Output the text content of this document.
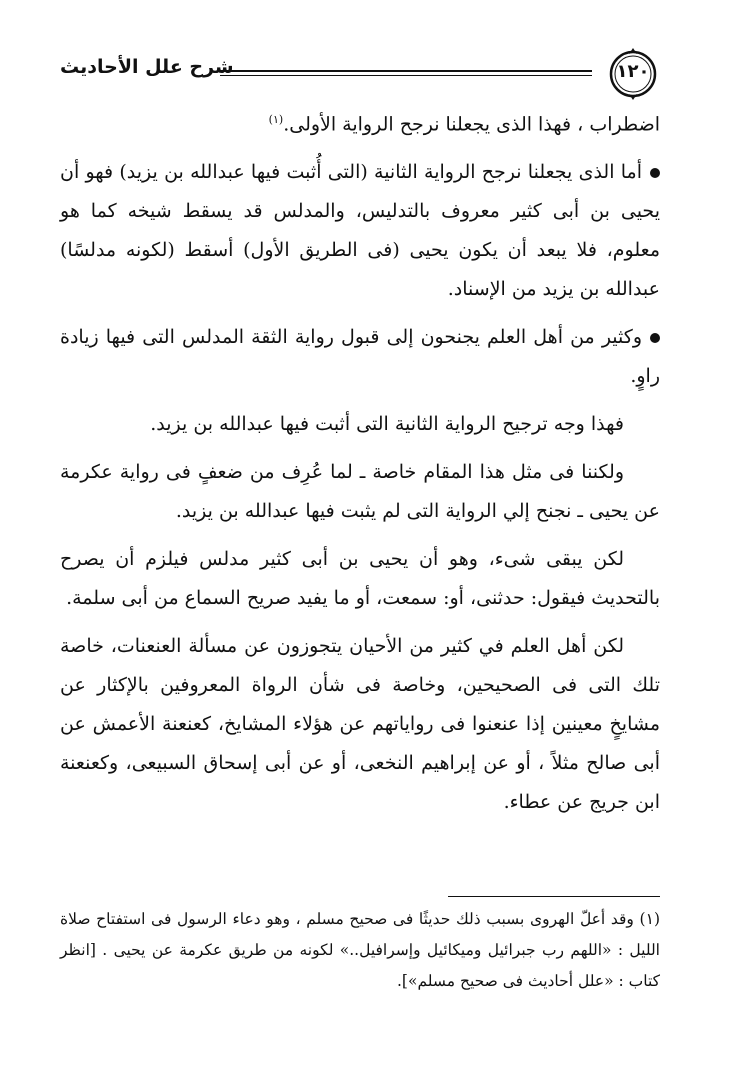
شرح علل الأحاديث	١٢٠

اضطراب ، فهذا الذى يجعلنا نرجح الرواية الأولى.$^{(١)}$

أما الذى يجعلنا نرجح الرواية الثانية (التى أُثبت فيها عبدالله بن يزيد) فهو أن يحيى بن أبى كثير معروف بالتدليس، والمدلس قد يسقط شيخه كما هو معلوم، فلا يبعد أن يكون يحيى (فى الطريق الأول) أسقط (لكونه مدلسًا) عبدالله بن يزيد من الإسناد.

وكثير من أهل العلم يجنحون إلى قبول رواية الثقة المدلس التى فيها زيادة راوٍ.

فهذا وجه ترجيح الرواية الثانية التى أثبت فيها عبدالله بن يزيد.

ولكننا فى مثل هذا المقام خاصة ـ لما عُرِف من ضعفٍ فى رواية عكرمة عن يحيى ـ نجنح إلي الرواية التى لم يثبت فيها عبدالله بن يزيد.

لكن يبقى شىء، وهو أن يحيى بن أبى كثير مدلس فيلزم أن يصرح بالتحديث فيقول: حدثنى، أو: سمعت، أو ما يفيد صريح السماع من أبى سلمة.

لكن أهل العلم في كثير من الأحيان يتجوزون عن مسألة العنعنات، خاصة تلك التى فى الصحيحين، وخاصة فى شأن الرواة المعروفين بالإكثار عن مشايخٍ معينين إذا عنعنوا فى رواياتهم عن هؤلاء المشايخ، كعنعنة الأعمش عن أبى صالح مثلاً ، أو عن إبراهيم النخعى، أو عن أبى إسحاق السبيعى، وكعنعنة ابن جريج عن عطاء.

(١) وقد أعلّ الهروى بسبب ذلك حديثًا فى صحيح مسلم ، وهو دعاء الرسول فى استفتاح صلاة الليل : «اللهم رب جبرائيل وميكائيل وإسرافيل..» لكونه من طريق عكرمة عن يحيى . [انظر كتاب : «علل أحاديث فى صحيح مسلم»].
